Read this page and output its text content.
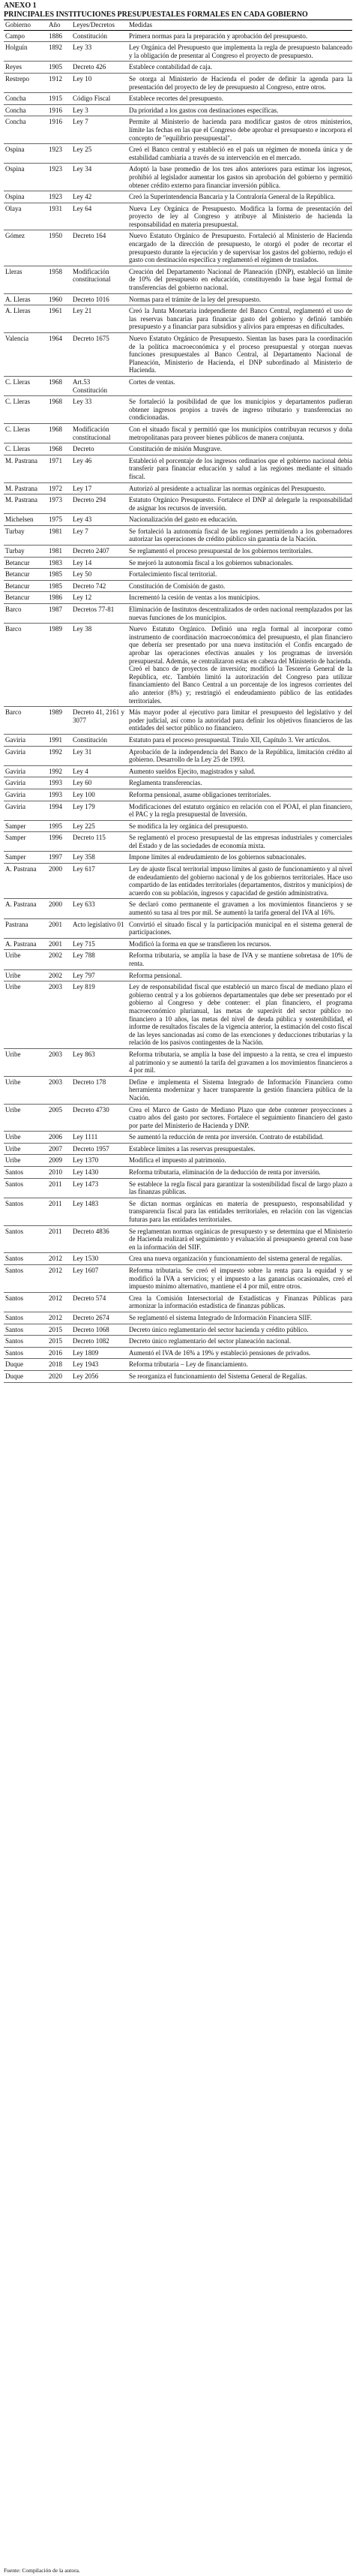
ANEXO 1
PRINCIPALES INSTITUCIONES PRESUPUESTALES FORMALES EN CADA GOBIERNO
Gobierno	Año	Leyes/Decretos	Medidas
Campo	1886	Constitución	Primera normas para la preparación y aprobación del presupuesto.
Holguín	1892	Ley 33	Ley Orgánica del Presupuesto que implementa la regla de presupuesto balanceado y la obligación de presentar al Congreso el proyecto de presupuesto.
Reyes	1905	Decreto 426	Establece contabilidad de caja.
Restrepo	1912	Ley 10	Se otorga al Ministerio de Hacienda el poder de definir la agenda para la presentación del proyecto de ley de presupuesto al Congreso, entre otros.
Concha	1915	Código Fiscal	Establece recortes del presupuesto.
Concha	1916	Ley 3	Da prioridad a los gastos con destinaciones específicas.
Concha	1916	Ley 7	Permite al Ministerio de hacienda para modificar gastos de otros ministerios, límite las fechas en las que el Congreso debe aprobar el presupuesto e incorpora el concepto de "equilibrio presupuestal".
Ospina	1923	Ley 25	Creó el Banco central y estableció en el país un régimen de moneda única y de estabilidad cambiaria a través de su intervención en el mercado.
Ospina	1923	Ley 34	Adoptó la base promedio de los tres años anteriores para estimar los ingresos, prohibió al legislador aumentar los gastos sin aprobación del gobierno y permitió obtener crédito externo para financiar inversión pública.
Ospina	1923	Ley 42	Creó la Superintendencia Bancaria y la Contraloría General de la República.
Olaya	1931	Ley 64	Nueva Ley Orgánica de Presupuesto. Modifica la forma de presentación del proyecto de ley al Congreso y atribuye al Ministerio de hacienda la responsabilidad en materia presupuestal.
Gómez	1950	Decreto 164	Nuevo Estatuto Orgánico de Presupuesto. Fortaleció al Ministerio de Hacienda encargado de la dirección de presupuesto, le otorgó el poder de recortar el presupuesto durante la ejecución y de supervisar los gastos del gobierno, redujo el gasto con destinación específica y reglamentó el régimen de traslados.
Lleras	1958	Modificación constitucional	Creación del Departamento Nacional de Planeación (DNP), estableció un límite de 10% del presupuesto en educación, constituyendo la base legal formal de transferencias del gobierno nacional.
A. Lleras	1960	Decreto 1016	Normas para el trámite de la ley del presupuesto.
A. Lleras	1961	Ley 21	Creó la Junta Monetaria independiente del Banco Central, reglamentó el uso de las reservas bancarias para financiar gasto del gobierno y definió también presupuesto y a financiar para subsidios y alivios para empresas en dificultades.
Valencia	1964	Decreto 1675	Nuevo Estatuto Orgánico de Presupuesto. Sientan las bases para la coordinación de la política macroeconómica y el proceso presupuestal y otorgan nuevas funciones presupuestales al Banco Central, al Departamento Nacional de Planeación, Ministerio de Hacienda, el DNP subordinado al Ministerio de Hacienda.
C. Lleras	1968	Art.53 Constitución	Cortes de ventas.
C. Lleras	1968	Ley 33	Se fortaleció la posibilidad de que los municipios y departamentos pudieran obtener ingresos propios a través de ingreso tributario y transferencias no condicionadas.
C. Lleras	1968	Modificación constitucional	Con el situado fiscal y permitió que los municipios contribuyan recursos y doña metropolitanas para proveer bienes públicos de manera conjunta.
C. Lleras	1968	Decreto	Constitución de misión Musgrave.
M. Pastrana	1971	Ley 46	Estableció el porcentaje de los ingresos ordinarios que el gobierno nacional debía transferir para financiar educación y salud a las regiones mediante el situado fiscal.
M. Pastrana	1972	Ley 17	Autorizó al presidente a actualizar las normas orgánicas del Presupuesto.
M. Pastrana	1973	Decreto 294	Estatuto Orgánico Presupuesto. Fortalece el DNP al delegarle la responsabilidad de asignar los recursos de inversión.
Michelsen	1975	Ley 43	Nacionalización del gasto en educación.
Turbay	1981	Ley 7	Se fortaleció la autonomía fiscal de las regiones permitiendo a los gobernadores autorizar las operaciones de crédito público sin garantía de la Nación.
Turbay	1981	Decreto 2407	Se reglamentó el proceso presupuestal de los gobiernos territoriales.
Betancur	1983	Ley 14	Se mejoró la autonomía fiscal a los gobiernos subnacionales.
Betancur	1985	Ley 50	Fortalecimiento fiscal territorial.
Betancur	1985	Decreto 742	Constitución de Comisión de gasto.
Betancur	1986	Ley 12	Incrementó la cesión de ventas a los municipios.
Barco	1987	Decretos 77-81	Eliminación de Institutos descentralizados de orden nacional reemplazados por las nuevas funciones de los municipios.
Barco	1989	Ley 38	Nuevo Estatuto Orgánico. Definió una regla formal al incorporar como instrumento de coordinación macroeconómica del presupuesto, el plan financiero que debería ser presentado por una nueva institución el Confis encargado de aprobar las operaciones efectivas anuales y los programas de inversión presupuestal. Además, se centralizaron estas en cabeza del Ministerio de hacienda. Creó el banco de proyectos de inversión; modificó la Tesorería General de la República, etc. También limitó la autorización del Congreso para utilizar financiamiento del Banco Central a un porcentaje de los ingresos corrientes del año anterior (8%) y; restringió el endeudamiento público de las entidades territoriales.
Barco	1989	Decreto 41, 2161 y 3077	Más mayor poder al ejecutivo para limitar el presupuesto del legislativo y del poder judicial, así como la autoridad para definir los objetivos financieros de las entidades del sector público no financiero.
Gaviria	1991	Constitución	Estatuto para el proceso presupuestal. Título XII, Capítulo 3. Ver artículos.
Gaviria	1992	Ley 31	Aprobación de la independencia del Banco de la República, limitación crédito al gobierno. Desarrollo de la Ley 25 de 1993.
Gaviria	1992	Ley 4	Aumento sueldos Ejecito, magistrados y salud.
Gaviria	1993	Ley 60	Reglamenta transferencias.
Gaviria	1993	Ley 100	Reforma pensional, asume obligaciones territoriales.
Gaviria	1994	Ley 179	Modificaciones del estatuto orgánico en relación con el POAI, el plan financiero, el PAC y la regla presupuestal de Inversión.
Samper	1995	Ley 225	Se modifica la ley orgánica del presupuesto.
Samper	1996	Decreto 115	Se reglamentó el proceso presupuestal de las empresas industriales y comerciales del Estado y de las sociedades de economía mixta.
Samper	1997	Ley 358	Impone límites al endeudamiento de los gobiernos subnacionales.
A. Pastrana	2000	Ley 617	Ley de ajuste fiscal territorial impuso límites al gasto de funcionamiento y al nivel de endeudamiento del gobierno nacional y de los gobiernos territoriales. Hace uso compartido de las entidades territoriales (departamentos, distritos y municipios) de acuerdo con su población, ingresos y capacidad de gestión administrativa.
A. Pastrana	2000	Ley 633	Se declaró como permanente el gravamen a los movimientos financieros y se aumentó su tasa al tres por mil. Se aumentó la tarifa general del IVA al 16%.
Pastrana	2001	Acto legislativo 01	Convirtió el situado fiscal y la participación municipal en el sistema general de participaciones.
A. Pastrana	2001	Ley 715	Modificó la forma en que se transfieren los recursos.
Uribe	2002	Ley 788	Reforma tributaria, se amplía la base de IVA y se mantiene sobretasa de 10% de renta.
Uribe	2002	Ley 797	Reforma pensional.
Uribe	2003	Ley 819	Ley de responsabilidad fiscal que estableció un marco fiscal de mediano plazo el gobierno central y a los gobiernos departamentales que debe ser presentado por el gobierno al Congreso y debe contener: el plan financiero, el programa macroeconómico plurianual, las metas de superávit del sector público no financiero a 10 años, las metas del nivel de deuda pública y sostenibilidad, el informe de resultados fiscales de la vigencia anterior, la estimación del costo fiscal de las leyes sancionadas así como de las exenciones y deducciones tributarias y la relación de los pasivos contingentes de la Nación.
Uribe	2003	Ley 863	Reforma tributaria, se amplía la base del impuesto a la renta, se crea el impuesto al patrimonio y se aumentó la tarifa del gravamen a los movimientos financieros a 4 por mil.
Uribe	2003	Decreto 178	Define e implementa el Sistema Integrado de Información Financiera como herramienta modernizar y hacer transparente la gestión financiera pública de la Nación.
Uribe	2005	Decreto 4730	Crea el Marco de Gasto de Mediano Plazo que debe contener proyecciones a cuatro años del gasto por sectores. Fortalece el seguimiento financiero del gasto por parte del Ministerio de Hacienda y DNP.
Uribe	2006	Ley 1111	Se aumentó la reducción de renta por inversión. Contrato de estabilidad.
Uribe	2007	Decreto 1957	Establece límites a las reservas presupuestales.
Uribe	2009	Ley 1370	Modifica el impuesto al patrimonio.
Santos	2010	Ley 1430	Reforma tributaria, eliminación de la deducción de renta por inversión.
Santos	2011	Ley 1473	Se establece la regla fiscal para garantizar la sostenibilidad fiscal de largo plazo a las finanzas públicas.
Santos	2011	Ley 1483	Se dictan normas orgánicas en materia de presupuesto, responsabilidad y transparencia fiscal para las entidades territoriales, en relación con las vigencias futuras para las entidades territoriales.
Santos	2011	Decreto 4836	Se reglamentan normas orgánicas de presupuesto y se determina que el Ministerio de Hacienda realizará el seguimiento y evaluación al presupuesto general con base en la información del SIIF.
Santos	2012	Ley 1530	Crea una nueva organización y funcionamiento del sistema general de regalías.
Santos	2012	Ley 1607	Reforma tributaria. Se creó el impuesto sobre la renta para la equidad y se modificó la IVA a servicios; y el impuesto a las ganancias ocasionales, creó el impuesto mínimo alternativo, mantiene el 4 por mil, entre otros.
Santos	2012	Decreto 574	Crea la Comisión Intersectorial de Estadísticas y Finanzas Públicas para armonizar la información estadística de finanzas públicas.
Santos	2012	Decreto 2674	Se reglamentó el sistema Integrado de Información Financiera SIIF.
Santos	2015	Decreto 1068	Decreto único reglamentario del sector hacienda y crédito público.
Santos	2015	Decreto 1082	Decreto único reglamentario del sector planeación nacional.
Santos	2016	Ley 1809	Aumentó el IVA de 16% a 19% y estableció pensiones de privados.
Duque	2018	Ley 1943	Reforma tributaria – Ley de financiamiento.
Duque	2020	Ley 2056	Se reorganiza el funcionamiento del Sistema General de Regalías.
Fuente: Compilación de la autora.
